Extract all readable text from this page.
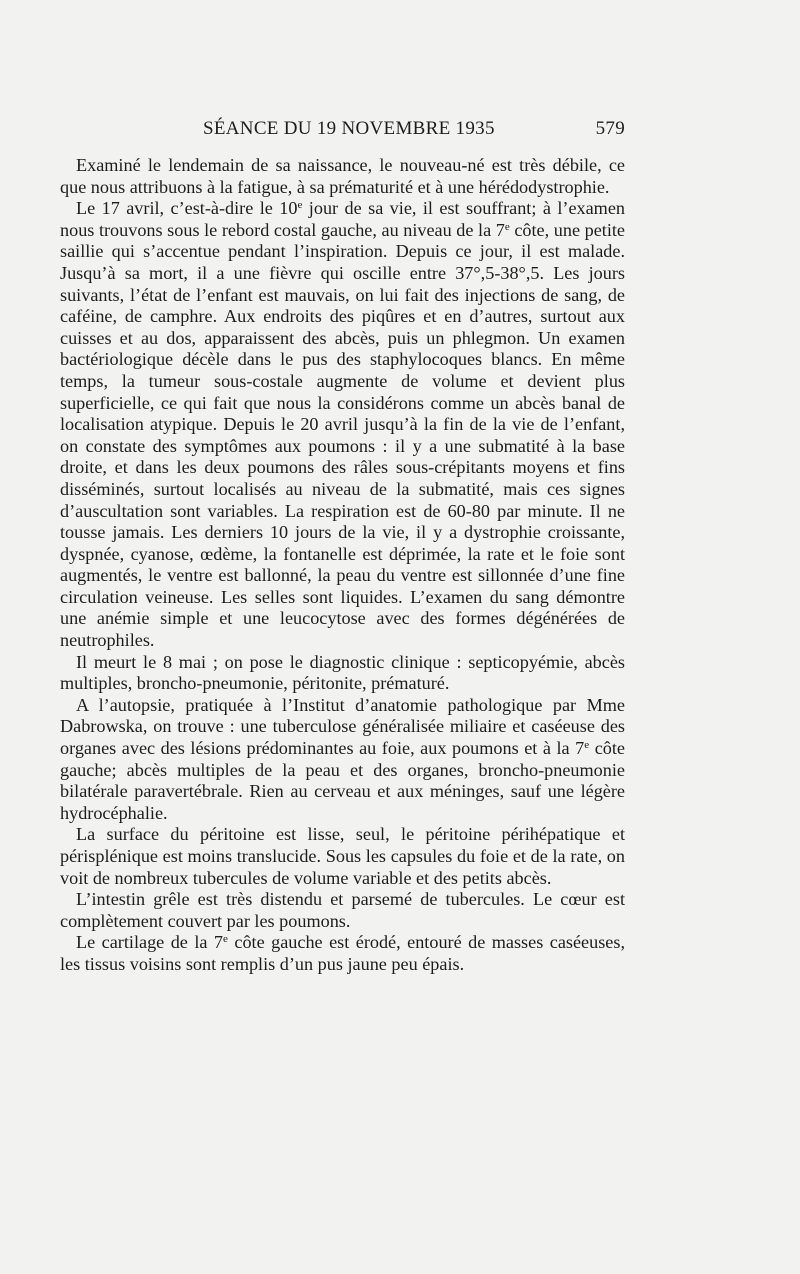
SÉANCE DU 19 NOVEMBRE 1935	579

Examiné le lendemain de sa naissance, le nouveau-né est très débile, ce que nous attribuons à la fatigue, à sa prématurité et à une hérédodystrophie.

Le 17 avril, c’est-à-dire le 10e jour de sa vie, il est souffrant; à l’examen nous trouvons sous le rebord costal gauche, au niveau de la 7e côte, une petite saillie qui s’accentue pendant l’inspiration. Depuis ce jour, il est malade. Jusqu’à sa mort, il a une fièvre qui oscille entre 37°,5-38°,5. Les jours suivants, l’état de l’enfant est mauvais, on lui fait des injections de sang, de caféine, de camphre. Aux endroits des piqûres et en d’autres, surtout aux cuisses et au dos, apparaissent des abcès, puis un phlegmon. Un examen bactériologique décèle dans le pus des staphylocoques blancs. En même temps, la tumeur sous-costale augmente de volume et devient plus superficielle, ce qui fait que nous la considérons comme un abcès banal de localisation atypique. Depuis le 20 avril jusqu’à la fin de la vie de l’enfant, on constate des symptômes aux poumons : il y a une submatité à la base droite, et dans les deux poumons des râles sous-crépitants moyens et fins disséminés, surtout localisés au niveau de la submatité, mais ces signes d’auscultation sont variables. La respiration est de 60-80 par minute. Il ne tousse jamais. Les derniers 10 jours de la vie, il y a dystrophie croissante, dyspnée, cyanose, œdème, la fontanelle est déprimée, la rate et le foie sont augmentés, le ventre est ballonné, la peau du ventre est sillonnée d’une fine circulation veineuse. Les selles sont liquides. L’examen du sang démontre une anémie simple et une leucocytose avec des formes dégénérées de neutrophiles.

Il meurt le 8 mai ; on pose le diagnostic clinique : septicopyémie, abcès multiples, broncho-pneumonie, péritonite, prématuré.

A l’autopsie, pratiquée à l’Institut d’anatomie pathologique par Mme Dabrowska, on trouve : une tuberculose généralisée miliaire et caséeuse des organes avec des lésions prédominantes au foie, aux poumons et à la 7e côte gauche; abcès multiples de la peau et des organes, broncho-pneumonie bilatérale paravertébrale. Rien au cerveau et aux méninges, sauf une légère hydrocéphalie.

La surface du péritoine est lisse, seul, le péritoine périhépatique et périsplénique est moins translucide. Sous les capsules du foie et de la rate, on voit de nombreux tubercules de volume variable et des petits abcès.

L’intestin grêle est très distendu et parsemé de tubercules. Le cœur est complètement couvert par les poumons.

Le cartilage de la 7e côte gauche est érodé, entouré de masses caséeuses, les tissus voisins sont remplis d’un pus jaune peu épais.
